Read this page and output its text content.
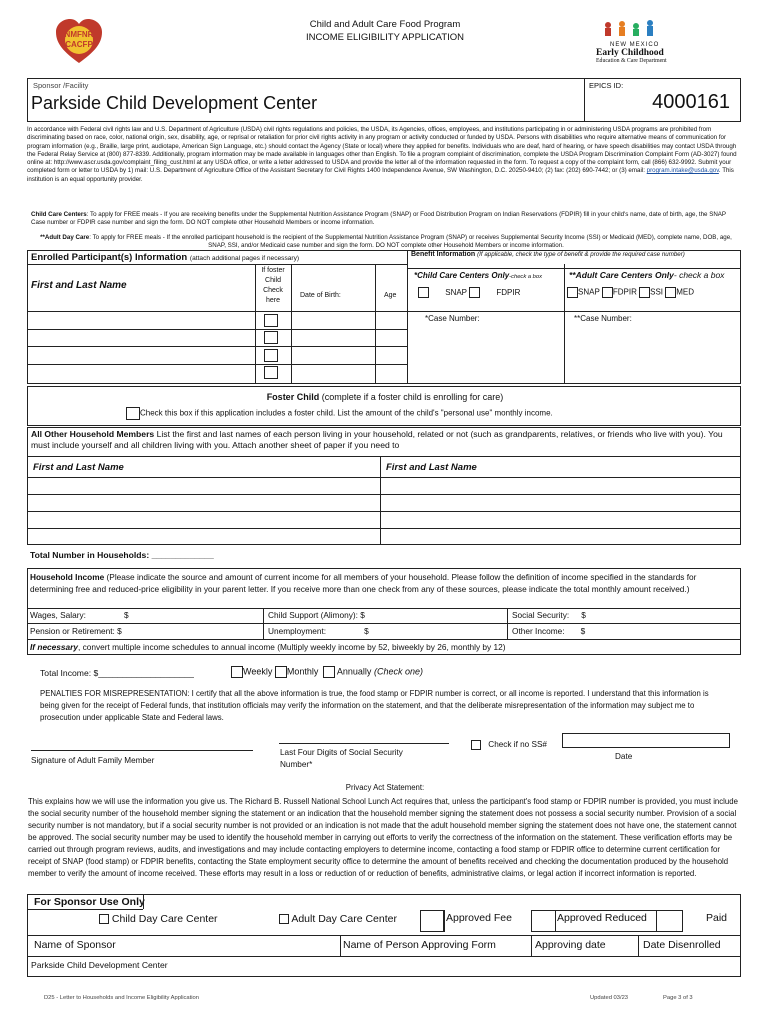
NMFNR
CACFP
Child and Adult Care Food Program
INCOME ELIGIBILITY APPLICATION
NEW MEXICO
Early Childhood
Education & Care Department
Sponsor /Facility
Parkside Child Development Center
EPICS ID:
4000161
In accordance with Federal civil rights law and U.S. Department of Agriculture (USDA) civil rights regulations and policies, the USDA, its Agencies, offices, employees, and institutions participating in or administering USDA programs are prohibited from discriminating based on race, color, national origin, sex, disability, age, or reprisal or retaliation for prior civil rights activity in any program or activity conducted or funded by USDA. Persons with disabilities who require alternative means of communication for program information (e.g., Braille, large print, audiotape, American Sign Language, etc.) should contact the Agency (State or local) where they applied for benefits. Individuals who are deaf, hard of hearing, or have speech disabilities may contact USDA through the Federal Relay Service at (800) 877-8339. Additionally, program information may be made available in languages other than English. To file a program complaint of discrimination, complete the USDA Program Discrimination Complaint Form (AD-3027) found online at: http://www.ascr.usda.gov/complaint_filing_cust.html at any USDA office, or write a letter addressed to USDA and provide the letter all of the information requested in the form. To request a copy of the complaint form, call (866) 632-9992. Submit your completed form or letter to USDA by 1) mail: U.S. Department of Agriculture Office of the Assistant Secretary for Civil Rights 1400 Independence Avenue, SW Washington, D.C. 20250-9410; (2) fax: (202) 690-7442; or (3) email: program.intake@usda.gov. This institution is an equal opportunity provider.
Child Care Centers: To apply for FREE meals - If you are receiving benefits under the Supplemental Nutrition Assistance Program (SNAP) or Food Distribution Program on Indian Reservations (FDPIR) fill in your child's name, date of birth, age, the SNAP Case number or FDPIR case number and sign the form. DO NOT complete other Household Members or income information.
**Adult Day Care: To apply for FREE meals - If the enrolled participant household is the recipient of the Supplemental Nutrition Assistance Program (SNAP) or receives Supplemental Security Income (SSI) or Medicaid (MED), complete name, DOB, age, SNAP, SSI, and/or Medicaid case number and sign the form. DO NOT complete other Household Members or income information.
Enrolled Participant(s) Information (attach additional pages if necessary)
First and Last Name
If foster Child Check here
Date of Birth:	Age
Benefit Information (If applicable, check the type of benefit & provide the required case number)
*Child Care Centers Only-check a box	**Adult Care Centers Only- check a box
SNAP	FDPIR	SNAP FDPIR SSI MED
*Case Number:	**Case Number:
Foster Child (complete if a foster child is enrolling for care)
Check this box if this application includes a foster child. List the amount of the child's "personal use" monthly income.
All Other Household Members List the first and last names of each person living in your household, related or not (such as grandparents, relatives, or friends who live with you). You must include yourself and all children living with you. Attach another sheet of paper if you need to
First and Last Name	First and Last Name
Total Number in Households: _____________
Household Income (Please indicate the source and amount of current income for all members of your household. Please follow the definition of income specified in the standards for determining free and reduced-price eligibility in your parent letter. If you receive more than one check from any of these sources, please indicate the total monthly amount received.)
Wages, Salary:	$	Child Support (Alimony): $	Social Security: $
Pension or Retirement: $	Unemployment:	$	Other Income: $
If necessary, convert multiple income schedules to annual income (Multiply weekly income by 52, biweekly by 26, monthly by 12)
Total Income: $____________________	Weekly Monthly Annually (Check one)
PENALTIES FOR MISREPRESENTATION: I certify that all the above information is true, the food stamp or FDPIR number is correct, or all income is reported. I understand that this information is being given for the receipt of Federal funds, that institution officials may verify the information on the statement, and that the deliberate misrepresentation of the information may subject me to prosecution under applicable State and Federal laws.
Signature of Adult Family Member
Last Four Digits of Social Security Number*
Check if no SS#
Date
Privacy Act Statement:
This explains how we will use the information you give us. The Richard B. Russell National School Lunch Act requires that, unless the participant's food stamp or FDPIR number is provided, you must include the social security number of the household member signing the statement or an indication that the household member signing the statement does not possess a social security number. Provision of a social security number is not mandatory, but if a social security number is not provided or an indication is not made that the adult household member signing the statement does not have one, the statement cannot be approved. The social security number may be used to identify the household member in carrying out efforts to verify the correctness of the information on the statement. These verification efforts may be carried out through program reviews, audits, and investigations and may include contacting employers to determine income, contacting a food stamp or FDPIR office to determine current certification for receipt of SNAP (food stamp) or FDPIR benefits, contacting the State employment security office to determine the amount of benefits received and checking the documentation produced by the household member to verify the amount of income received. These efforts may result in a loss or reduction of or reduction of benefits, administrative claims, or legal action if incorrect information is reported.
For Sponsor Use Only
Child Day Care Center	Adult Day Care Center	Approved Fee	Approved Reduced	Paid
Name of Sponsor	Name of Person Approving Form	Approving date	Date Disenrolled
Parkside Child Development Center
D25 - Letter to Households and Income Eligibility Application	Updated 03/23	Page 3 of 3
